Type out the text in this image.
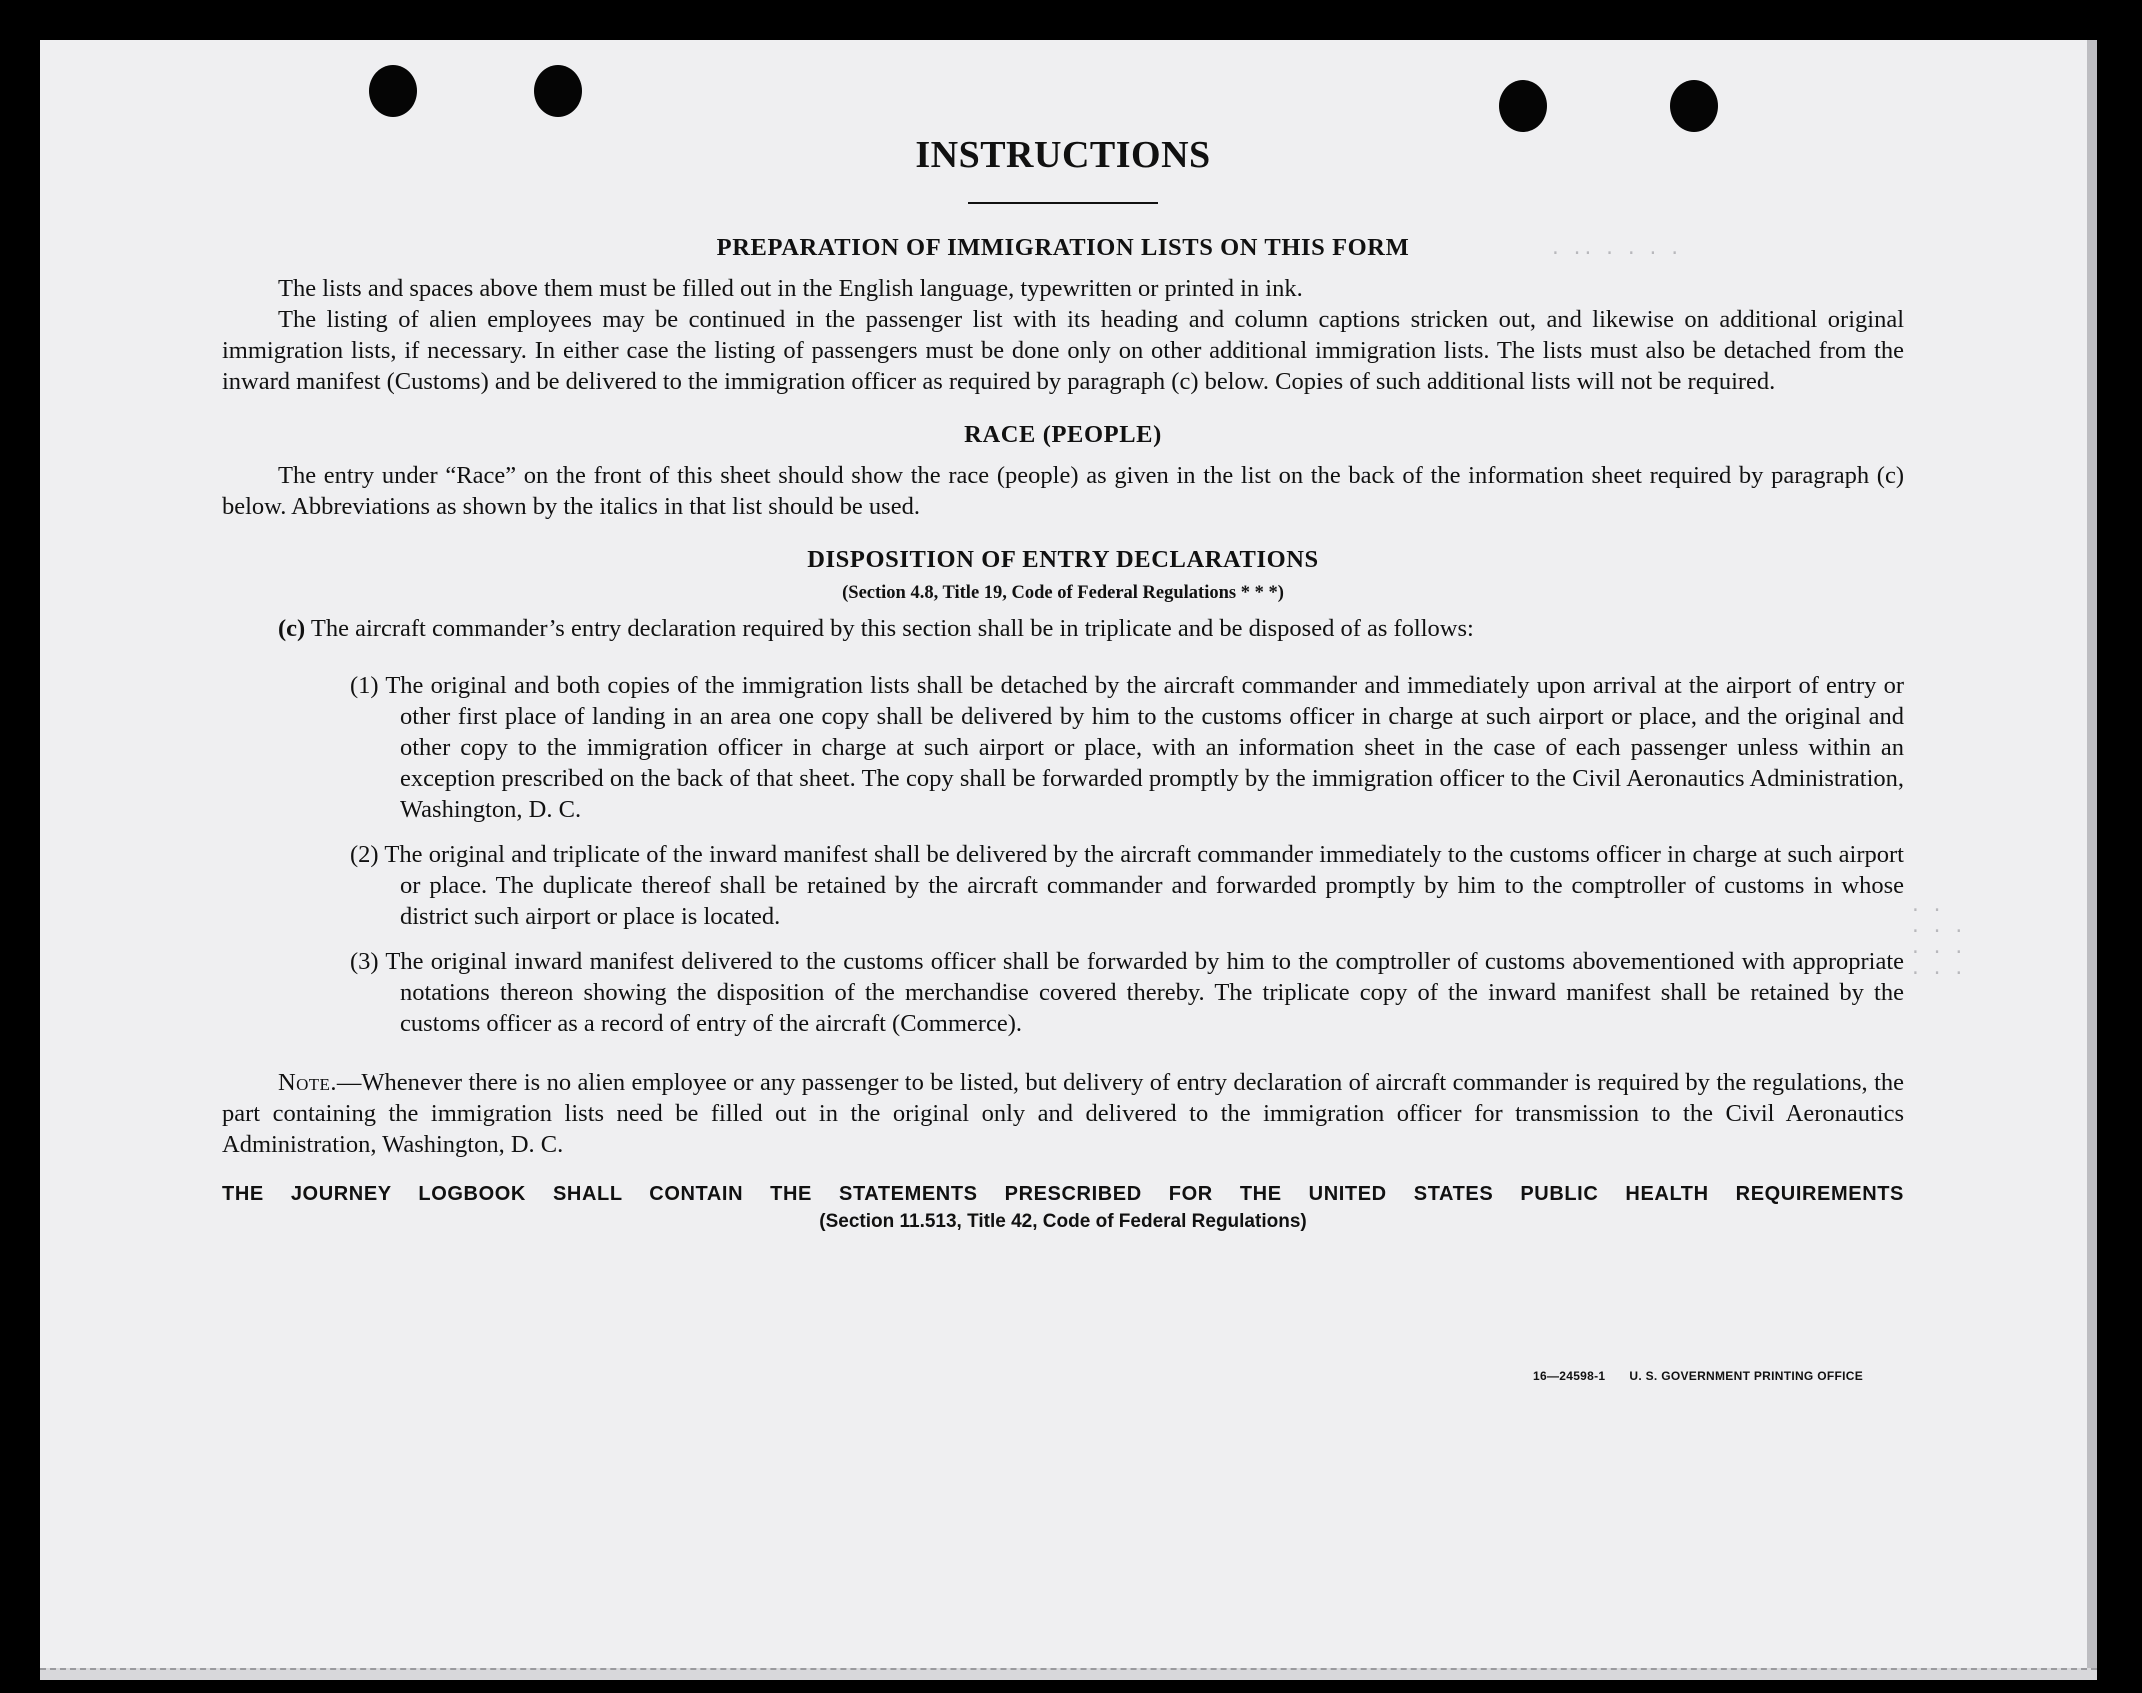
· ·· · · · ·
· ·
· · ·
· · ·
· · ·
INSTRUCTIONS
PREPARATION OF IMMIGRATION LISTS ON THIS FORM

The lists and spaces above them must be filled out in the English language, typewritten or printed in ink.

The listing of alien employees may be continued in the passenger list with its heading and column captions stricken out, and likewise on additional original immigration lists, if necessary. In either case the listing of passengers must be done only on other additional immigration lists. The lists must also be detached from the inward manifest (Customs) and be delivered to the immigration officer as required by paragraph (c) below. Copies of such additional lists will not be required.

RACE (PEOPLE)

The entry under “Race” on the front of this sheet should show the race (people) as given in the list on the back of the information sheet required by paragraph (c) below. Abbreviations as shown by the italics in that list should be used.

DISPOSITION OF ENTRY DECLARATIONS
(Section 4.8, Title 19, Code of Federal Regulations * * *)

(c) The aircraft commander’s entry declaration required by this section shall be in triplicate and be disposed of as follows:

(1) The original and both copies of the immigration lists shall be detached by the aircraft commander and immediately upon arrival at the airport of entry or other first place of landing in an area one copy shall be delivered by him to the customs officer in charge at such airport or place, and the original and other copy to the immigration officer in charge at such airport or place, with an information sheet in the case of each passenger unless within an exception prescribed on the back of that sheet. The copy shall be forwarded promptly by the immigration officer to the Civil Aeronautics Administration, Washington, D. C.

(2) The original and triplicate of the inward manifest shall be delivered by the aircraft commander immediately to the customs officer in charge at such airport or place. The duplicate thereof shall be retained by the aircraft commander and forwarded promptly by him to the comptroller of customs in whose district such airport or place is located.

(3) The original inward manifest delivered to the customs officer shall be forwarded by him to the comptroller of customs abovementioned with appropriate notations thereon showing the disposition of the merchandise covered thereby. The triplicate copy of the inward manifest shall be retained by the customs officer as a record of entry of the aircraft (Commerce).

Note.—Whenever there is no alien employee or any passenger to be listed, but delivery of entry declaration of aircraft commander is required by the regulations, the part containing the immigration lists need be filled out in the original only and delivered to the immigration officer for transmission to the Civil Aeronautics Administration, Washington, D. C.

THE JOURNEY LOGBOOK SHALL CONTAIN THE STATEMENTS PRESCRIBED FOR THE UNITED STATES PUBLIC HEALTH REQUIREMENTS
(Section 11.513, Title 42, Code of Federal Regulations)
16—24598-1 U. S. GOVERNMENT PRINTING OFFICE
